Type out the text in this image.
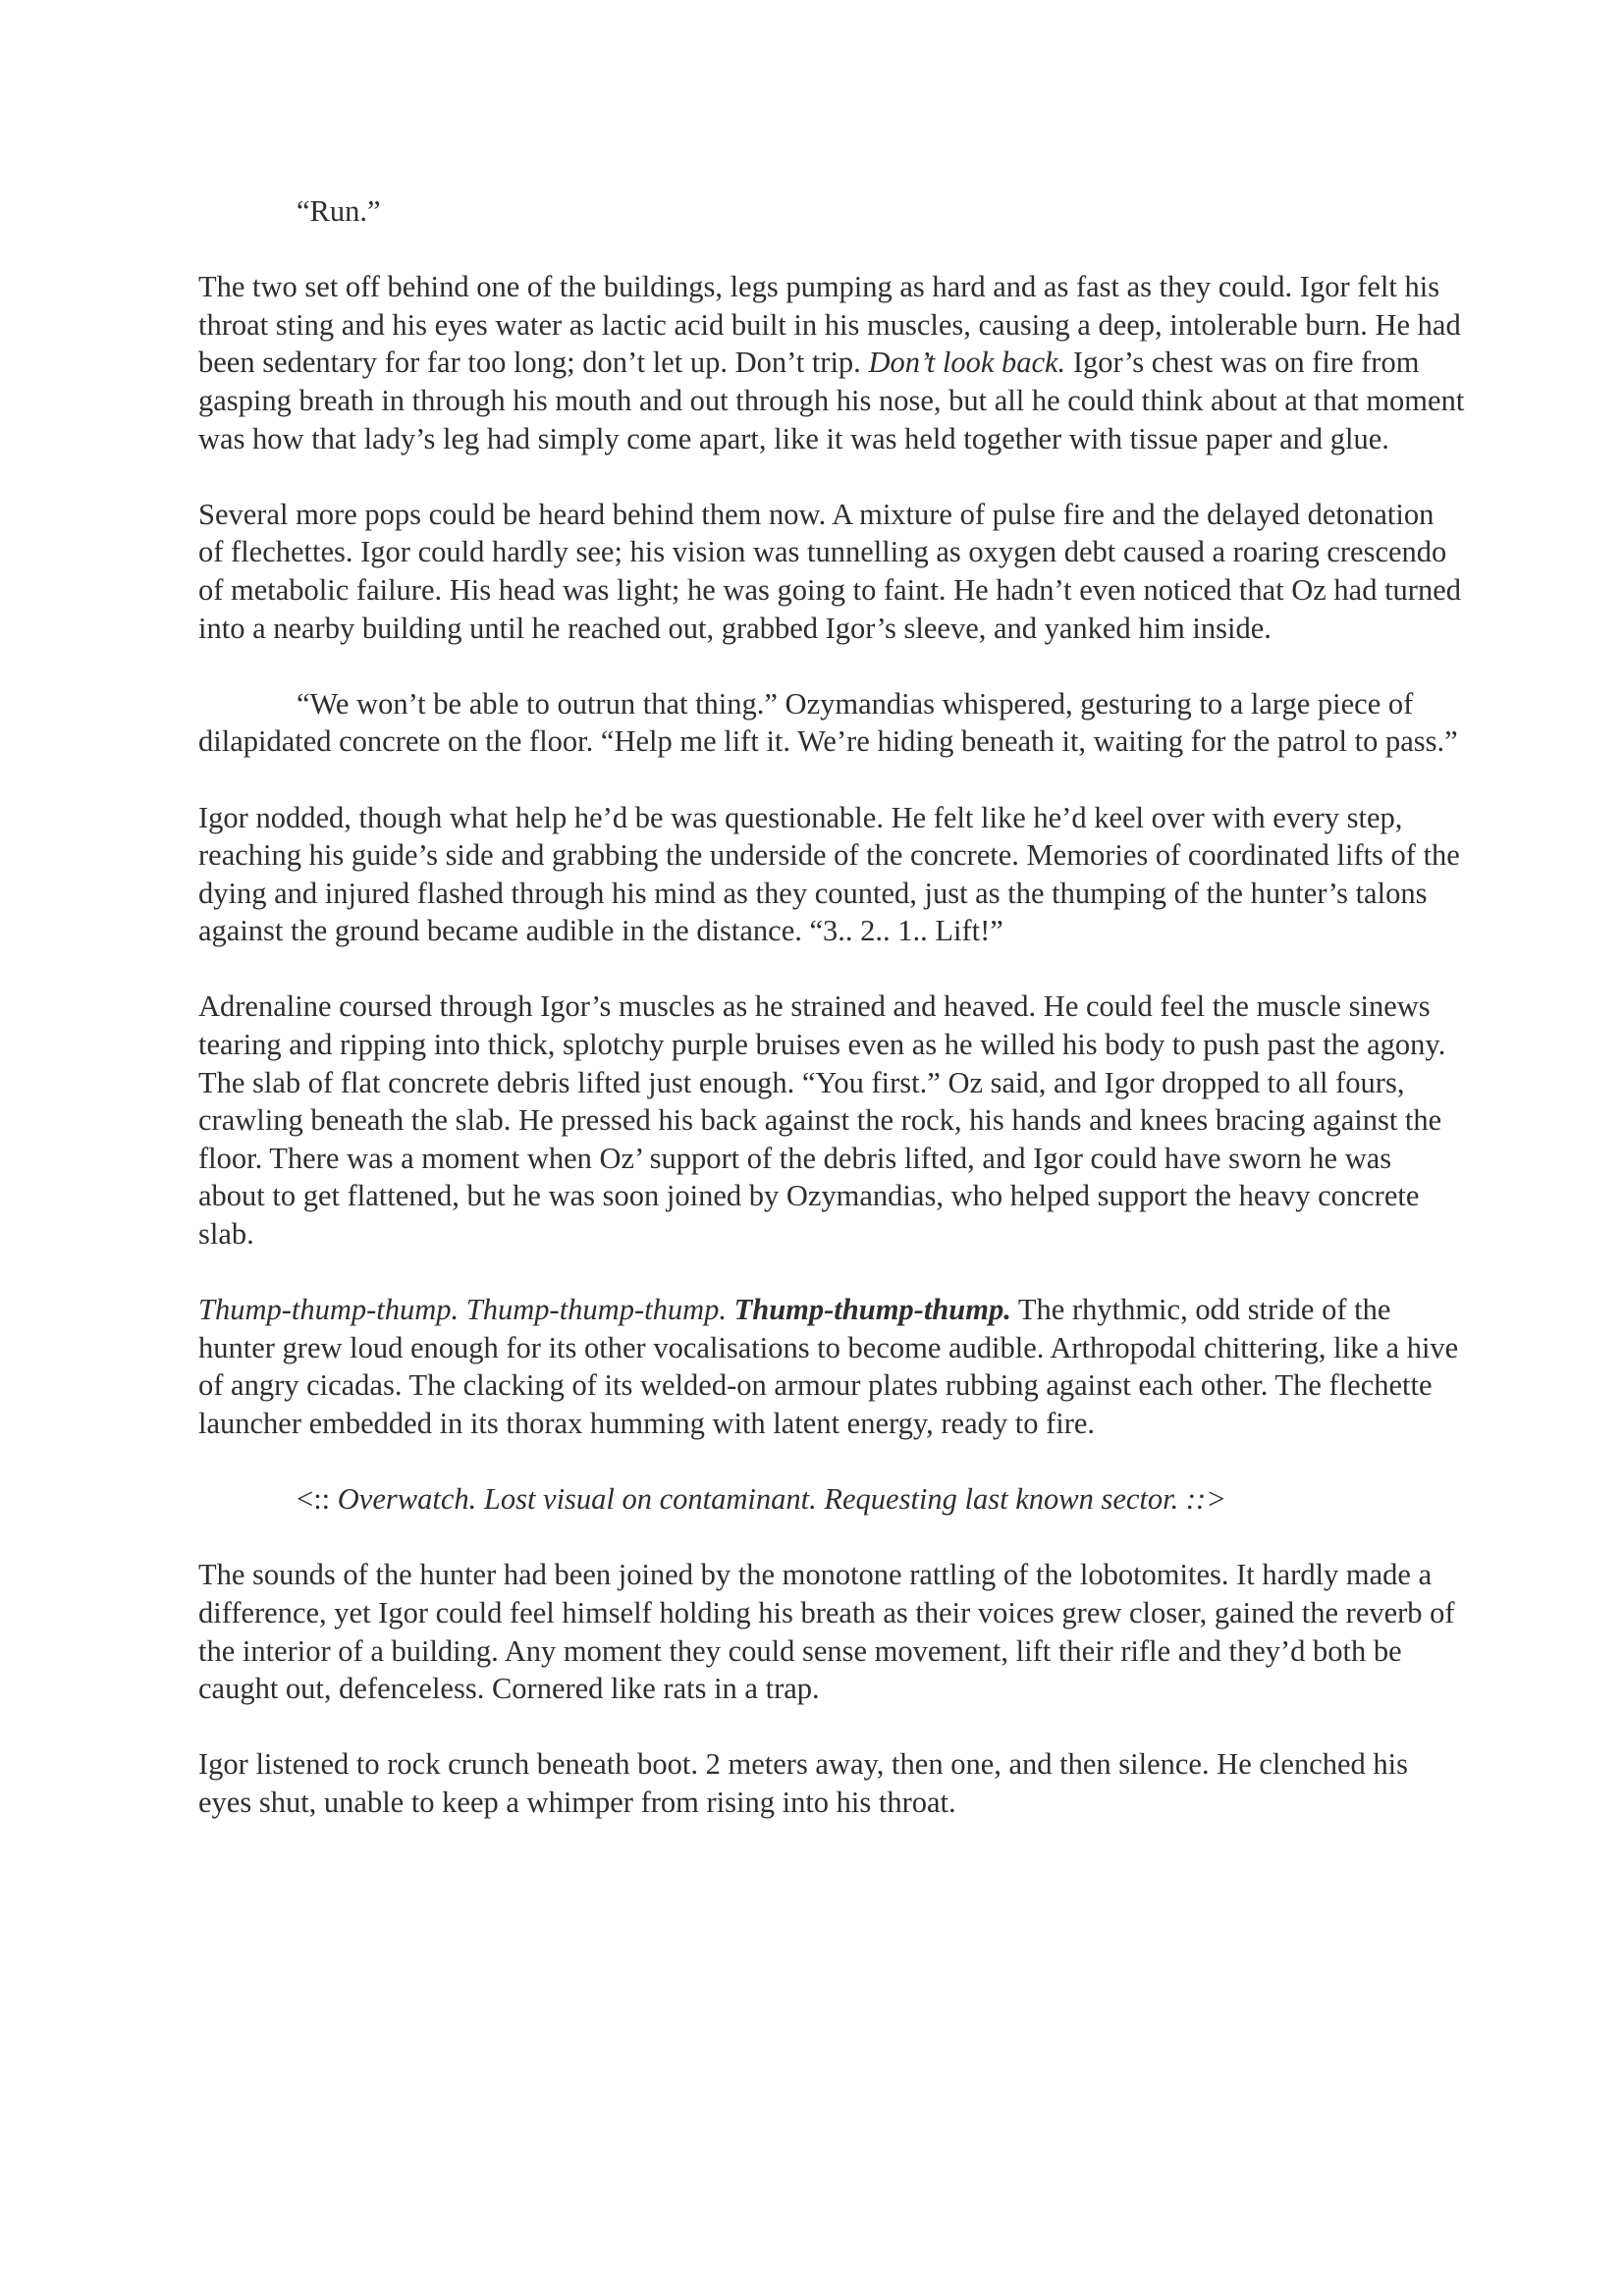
“Run.”

The two set off behind one of the buildings, legs pumping as hard and as fast as they could. Igor felt his throat sting and his eyes water as lactic acid built in his muscles, causing a deep, intolerable burn. He had been sedentary for far too long; don’t let up. Don’t trip. Don’t look back. Igor’s chest was on fire from gasping breath in through his mouth and out through his nose, but all he could think about at that moment was how that lady’s leg had simply come apart, like it was held together with tissue paper and glue.

Several more pops could be heard behind them now. A mixture of pulse fire and the delayed detonation of flechettes. Igor could hardly see; his vision was tunnelling as oxygen debt caused a roaring crescendo of metabolic failure. His head was light; he was going to faint. He hadn’t even noticed that Oz had turned into a nearby building until he reached out, grabbed Igor’s sleeve, and yanked him inside.

“We won’t be able to outrun that thing.” Ozymandias whispered, gesturing to a large piece of dilapidated concrete on the floor. “Help me lift it. We’re hiding beneath it, waiting for the patrol to pass.”

Igor nodded, though what help he’d be was questionable. He felt like he’d keel over with every step, reaching his guide’s side and grabbing the underside of the concrete. Memories of coordinated lifts of the dying and injured flashed through his mind as they counted, just as the thumping of the hunter’s talons against the ground became audible in the distance. “3.. 2.. 1.. Lift!”

Adrenaline coursed through Igor’s muscles as he strained and heaved. He could feel the muscle sinews tearing and ripping into thick, splotchy purple bruises even as he willed his body to push past the agony. The slab of flat concrete debris lifted just enough. “You first.” Oz said, and Igor dropped to all fours, crawling beneath the slab. He pressed his back against the rock, his hands and knees bracing against the floor. There was a moment when Oz’ support of the debris lifted, and Igor could have sworn he was about to get flattened, but he was soon joined by Ozymandias, who helped support the heavy concrete slab.

Thump-thump-thump. Thump-thump-thump. Thump-thump-thump. The rhythmic, odd stride of the hunter grew loud enough for its other vocalisations to become audible. Arthropodal chittering, like a hive of angry cicadas. The clacking of its welded-on armour plates rubbing against each other. The flechette launcher embedded in its thorax humming with latent energy, ready to fire.

<:: Overwatch. Lost visual on contaminant. Requesting last known sector. ::>

The sounds of the hunter had been joined by the monotone rattling of the lobotomites. It hardly made a difference, yet Igor could feel himself holding his breath as their voices grew closer, gained the reverb of the interior of a building. Any moment they could sense movement, lift their rifle and they’d both be caught out, defenceless. Cornered like rats in a trap.

Igor listened to rock crunch beneath boot. 2 meters away, then one, and then silence. He clenched his eyes shut, unable to keep a whimper from rising into his throat.
